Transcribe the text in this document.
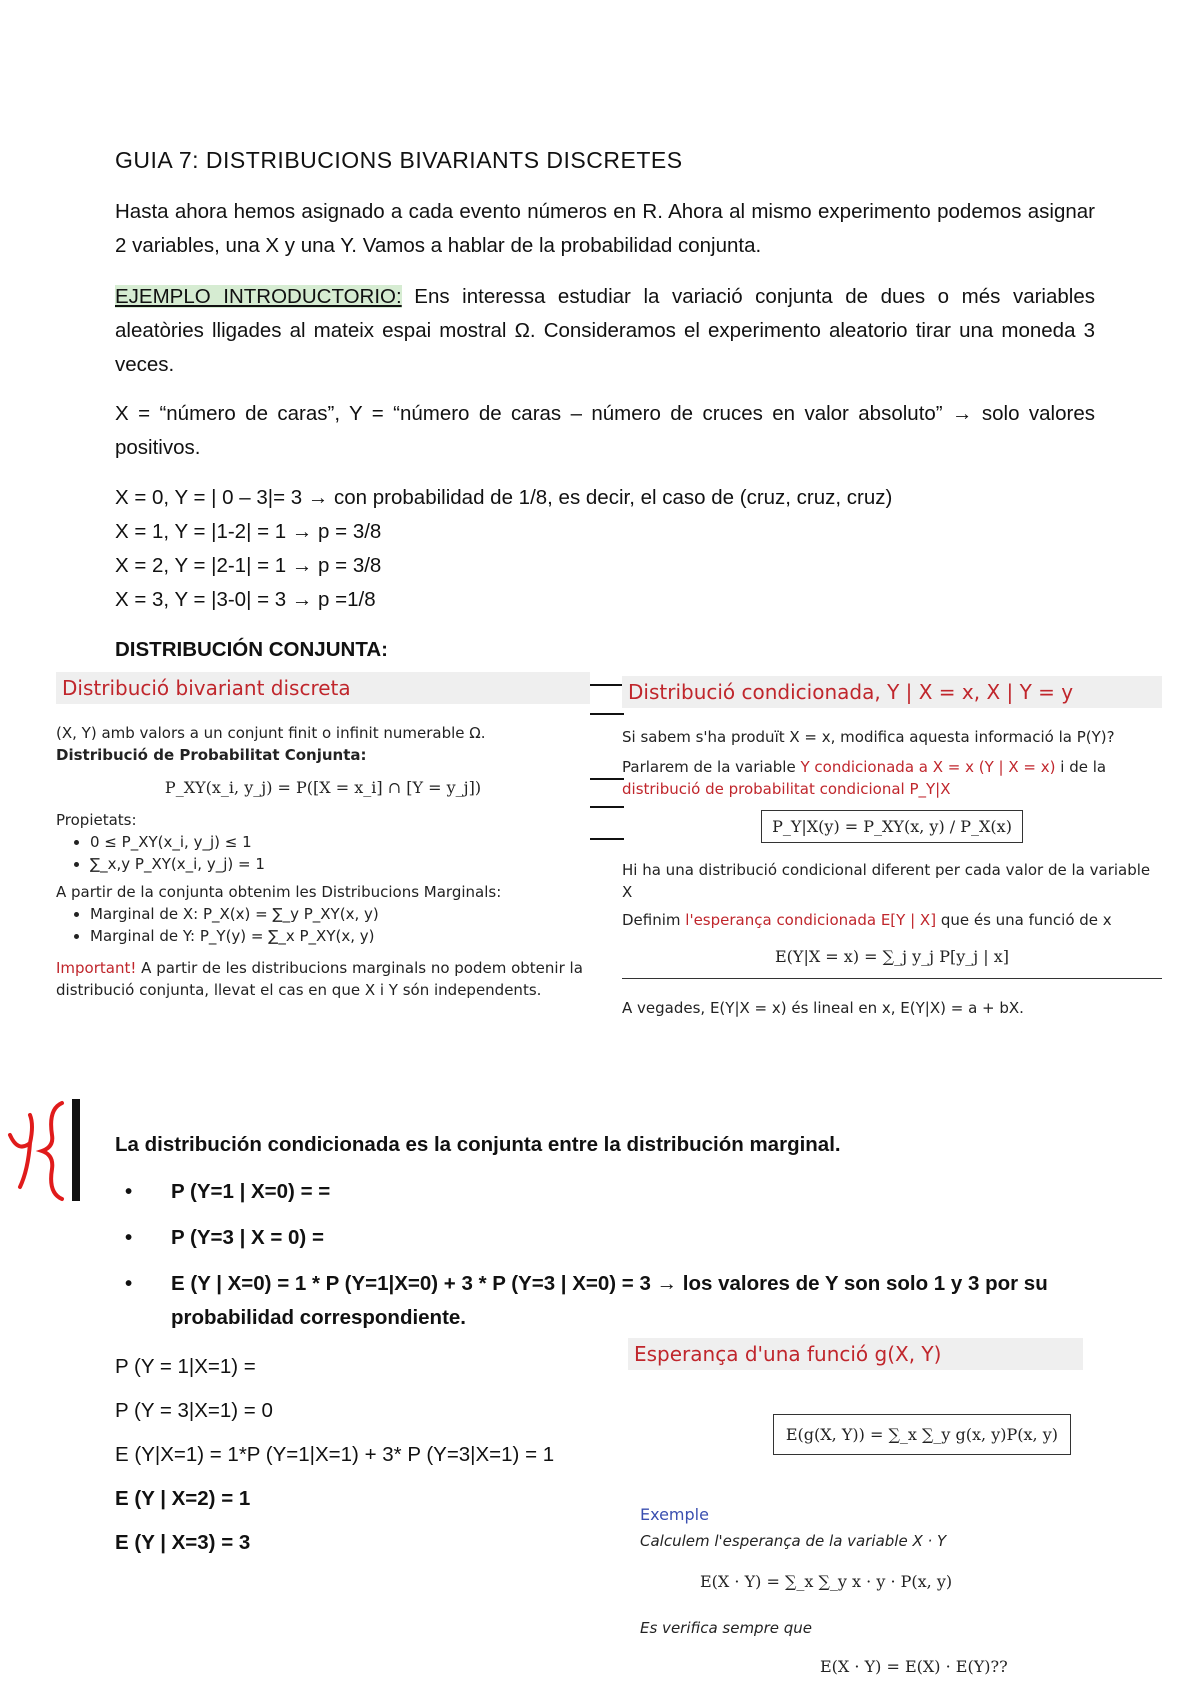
GUIA 7: DISTRIBUCIONS BIVARIANTS DISCRETES
Hasta ahora hemos asignado a cada evento números en R. Ahora al mismo experimento podemos asignar 2 variables, una X y una Y. Vamos a hablar de la probabilidad conjunta.
EJEMPLO INTRODUCTORIO: Ens interessa estudiar la variació conjunta de dues o més variables aleatòries lligades al mateix espai mostral Ω. Consideramos el experimento aleatorio tirar una moneda 3 veces.
X = “número de caras”, Y = “número de caras – número de cruces en valor absoluto” → solo valores positivos.
X = 0, Y = | 0 – 3|= 3 → con probabilidad de 1/8, es decir, el caso de (cruz, cruz, cruz)
X = 1, Y = |1-2| = 1 → p = 3/8
X = 2, Y = |2-1| = 1 → p = 3/8
X = 3, Y = |3-0| = 3 → p =1/8
DISTRIBUCIÓN CONJUNTA:
Distribució bivariant discreta
(X, Y) amb valors a un conjunt finit o infinit numerable Ω.
Distribució de Probabilitat Conjunta:
P_XY(x_i, y_j) = P([X = x_i] ∩ [Y = y_j])
Propietats:
• 0 ≤ P_XY(x_i, y_j) ≤ 1
• ∑_x,y P_XY(x_i, y_j) = 1
A partir de la conjunta obtenim les Distribucions Marginals:
• Marginal de X: P_X(x) = ∑_y P_XY(x, y)
• Marginal de Y: P_Y(y) = ∑_x P_XY(x, y)
Important! A partir de les distribucions marginals no podem obtenir la distribució conjunta, llevat el cas en que X i Y són independents.
Distribució condicionada, Y | X = x, X | Y = y
Si sabem s'ha produït X = x, modifica aquesta informació la P(Y)?
Parlarem de la variable Y condicionada a X = x (Y | X = x) i de la
distribució de probabilitat condicional P_Y|X
P_Y|X(y) = P_XY(x, y) / P_X(x)
Hi ha una distribució condicional diferent per cada valor de la variable X
Definim l'esperança condicionada E[Y | X] que és una funció de x
E(Y|X = x) = ∑_j y_j P[y_j | x]
A vegades, E(Y|X = x) és lineal en x, E(Y|X) = a + bX.
La distribución condicionada es la conjunta entre la distribución marginal.
• P (Y=1 | X=0) = =
• P (Y=3 | X = 0) =
• E (Y | X=0) = 1 * P (Y=1|X=0) + 3 * P (Y=3 | X=0) = 3 → los valores de Y son solo 1 y 3 por su probabilidad correspondiente.
P (Y = 1|X=1) =
P (Y = 3|X=1) = 0
E (Y|X=1) = 1*P (Y=1|X=1) + 3* P (Y=3|X=1) = 1
E (Y | X=2) = 1
E (Y | X=3) = 3
Esperança d'una funció g(X, Y)
E(g(X, Y)) = ∑_x ∑_y g(x, y)P(x, y)
Exemple
Calculem l'esperança de la variable X · Y
E(X · Y) = ∑_x ∑_y x · y · P(x, y)
Es verifica sempre que
E(X · Y) = E(X) · E(Y)??
